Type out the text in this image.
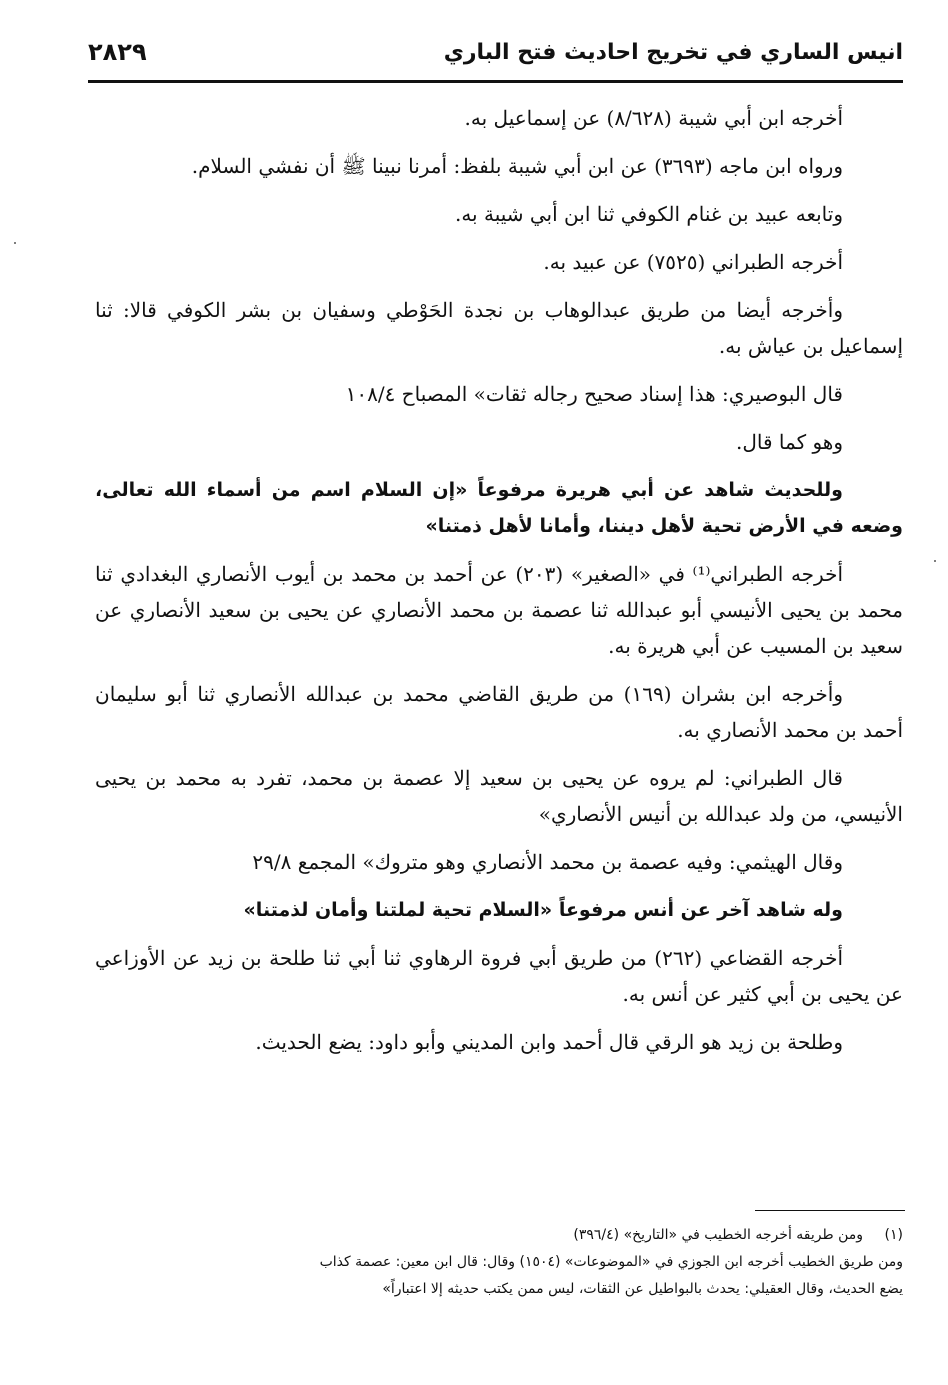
انيس الساري في تخريج احاديث فتح الباري
٢٨٢٩

أخرجه ابن أبي شيبة (٨/٦٢٨) عن إسماعيل به.

ورواه ابن ماجه (٣٦٩٣) عن ابن أبي شيبة بلفظ: أمرنا نبينا ﷺ أن نفشي السلام.

وتابعه عبيد بن غنام الكوفي ثنا ابن أبي شيبة به.

أخرجه الطبراني (٧٥٢٥) عن عبيد به.

وأخرجه أيضا من طريق عبدالوهاب بن نجدة الحَوْطي وسفيان بن بشر الكوفي قالا: ثنا إسماعيل بن عياش به.

قال البوصيري: هذا إسناد صحيح رجاله ثقات» المصباح ١٠٨/٤

وهو كما قال.

وللحديث شاهد عن أبي هريرة مرفوعاً «إن السلام اسم من أسماء الله تعالى، وضعه في الأرض تحية لأهل ديننا، وأمانا لأهل ذمتنا»

أخرجه الطبراني⁽¹⁾ في «الصغير» (٢٠٣) عن أحمد بن محمد بن أيوب الأنصاري البغدادي ثنا محمد بن يحيى الأنيسي أبو عبدالله ثنا عصمة بن محمد الأنصاري عن يحيى بن سعيد الأنصاري عن سعيد بن المسيب عن أبي هريرة به.

وأخرجه ابن بشران (١٦٩) من طريق القاضي محمد بن عبدالله الأنصاري ثنا أبو سليمان أحمد بن محمد الأنصاري به.

قال الطبراني: لم يروه عن يحيى بن سعيد إلا عصمة بن محمد، تفرد به محمد بن يحيى الأنيسي، من ولد عبدالله بن أنيس الأنصاري»

وقال الهيثمي: وفيه عصمة بن محمد الأنصاري وهو متروك» المجمع ٢٩/٨

وله شاهد آخر عن أنس مرفوعاً «السلام تحية لملتنا وأمان لذمتنا»

أخرجه القضاعي (٢٦٢) من طريق أبي فروة الرهاوي ثنا أبي ثنا طلحة بن زيد عن الأوزاعي عن يحيى بن أبي كثير عن أنس به.

وطلحة بن زيد هو الرقي قال أحمد وابن المديني وأبو داود: يضع الحديث.

(١)ومن طريقه أخرجه الخطيب في «التاريخ» (٣٩٦/٤)

ومن طريق الخطيب أخرجه ابن الجوزي في «الموضوعات» (١٥٠٤) وقال: قال ابن معين: عصمة كذاب

يضع الحديث، وقال العقيلي: يحدث بالبواطيل عن الثقات، ليس ممن يكتب حديثه إلا اعتباراً»
